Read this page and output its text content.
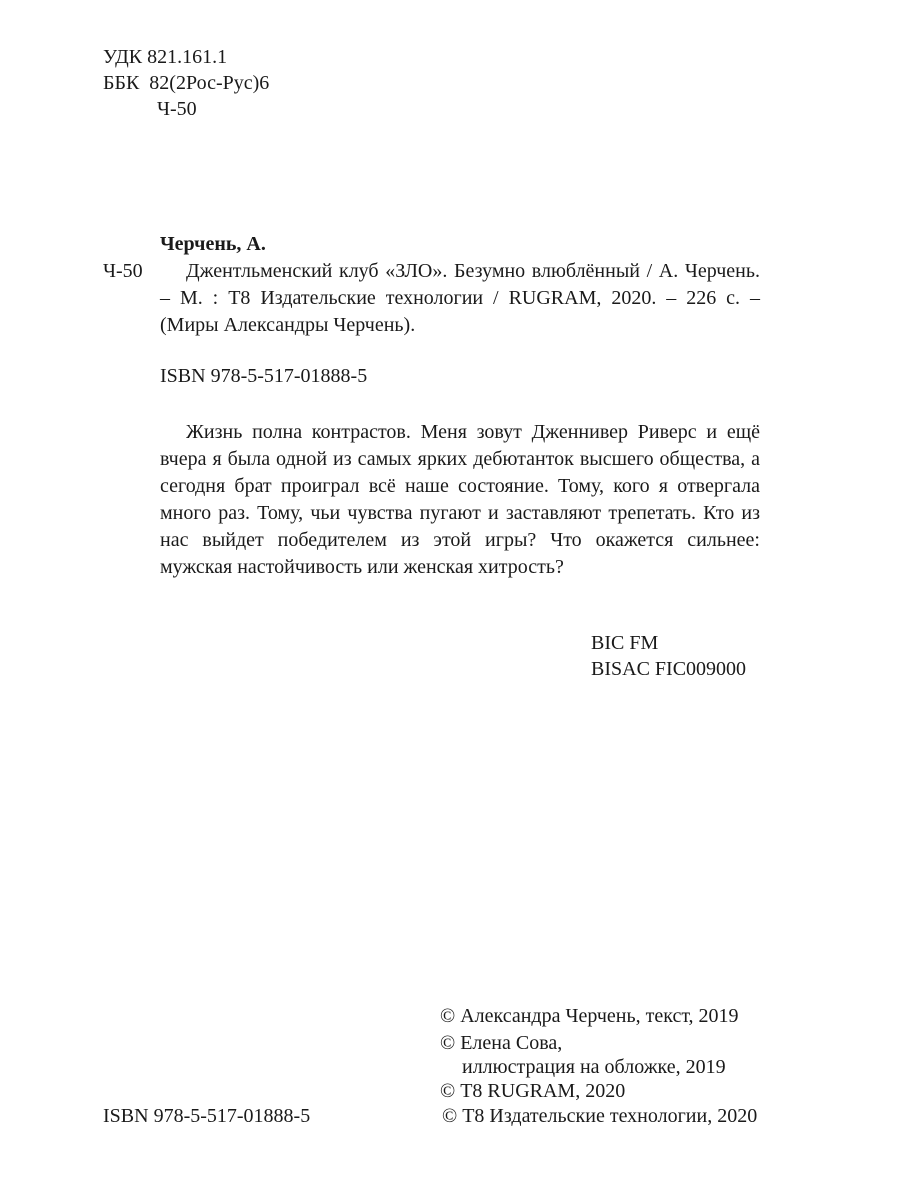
УДК 821.161.1
ББК  82(2Рос-Рус)6
Ч-50
Черчень, А.
Ч-50	Джентльменский клуб «ЗЛО». Безумно влюблённый / А. Черчень. – М. : Т8 Издательские технологии / RUGRAM, 2020. – 226 с. – (Миры Александры Черчень).
ISBN 978-5-517-01888-5
Жизнь полна контрастов. Меня зовут Дженнивер Риверс и ещё вчера я была одной из самых ярких дебютанток высшего общества, а сегодня брат проиграл всё наше состояние. Тому, кого я отвергала много раз. Тому, чьи чувства пугают и заставляют трепетать. Кто из нас выйдет победителем из этой игры? Что окажется сильнее: мужская настойчивость или женская хитрость?
BIC FM
BISAC FIC009000
© Александра Черчень, текст, 2019
© Елена Сова,
иллюстрация на обложке, 2019
© Т8 RUGRAM, 2020
© Т8 Издательские технологии, 2020
ISBN 978-5-517-01888-5
